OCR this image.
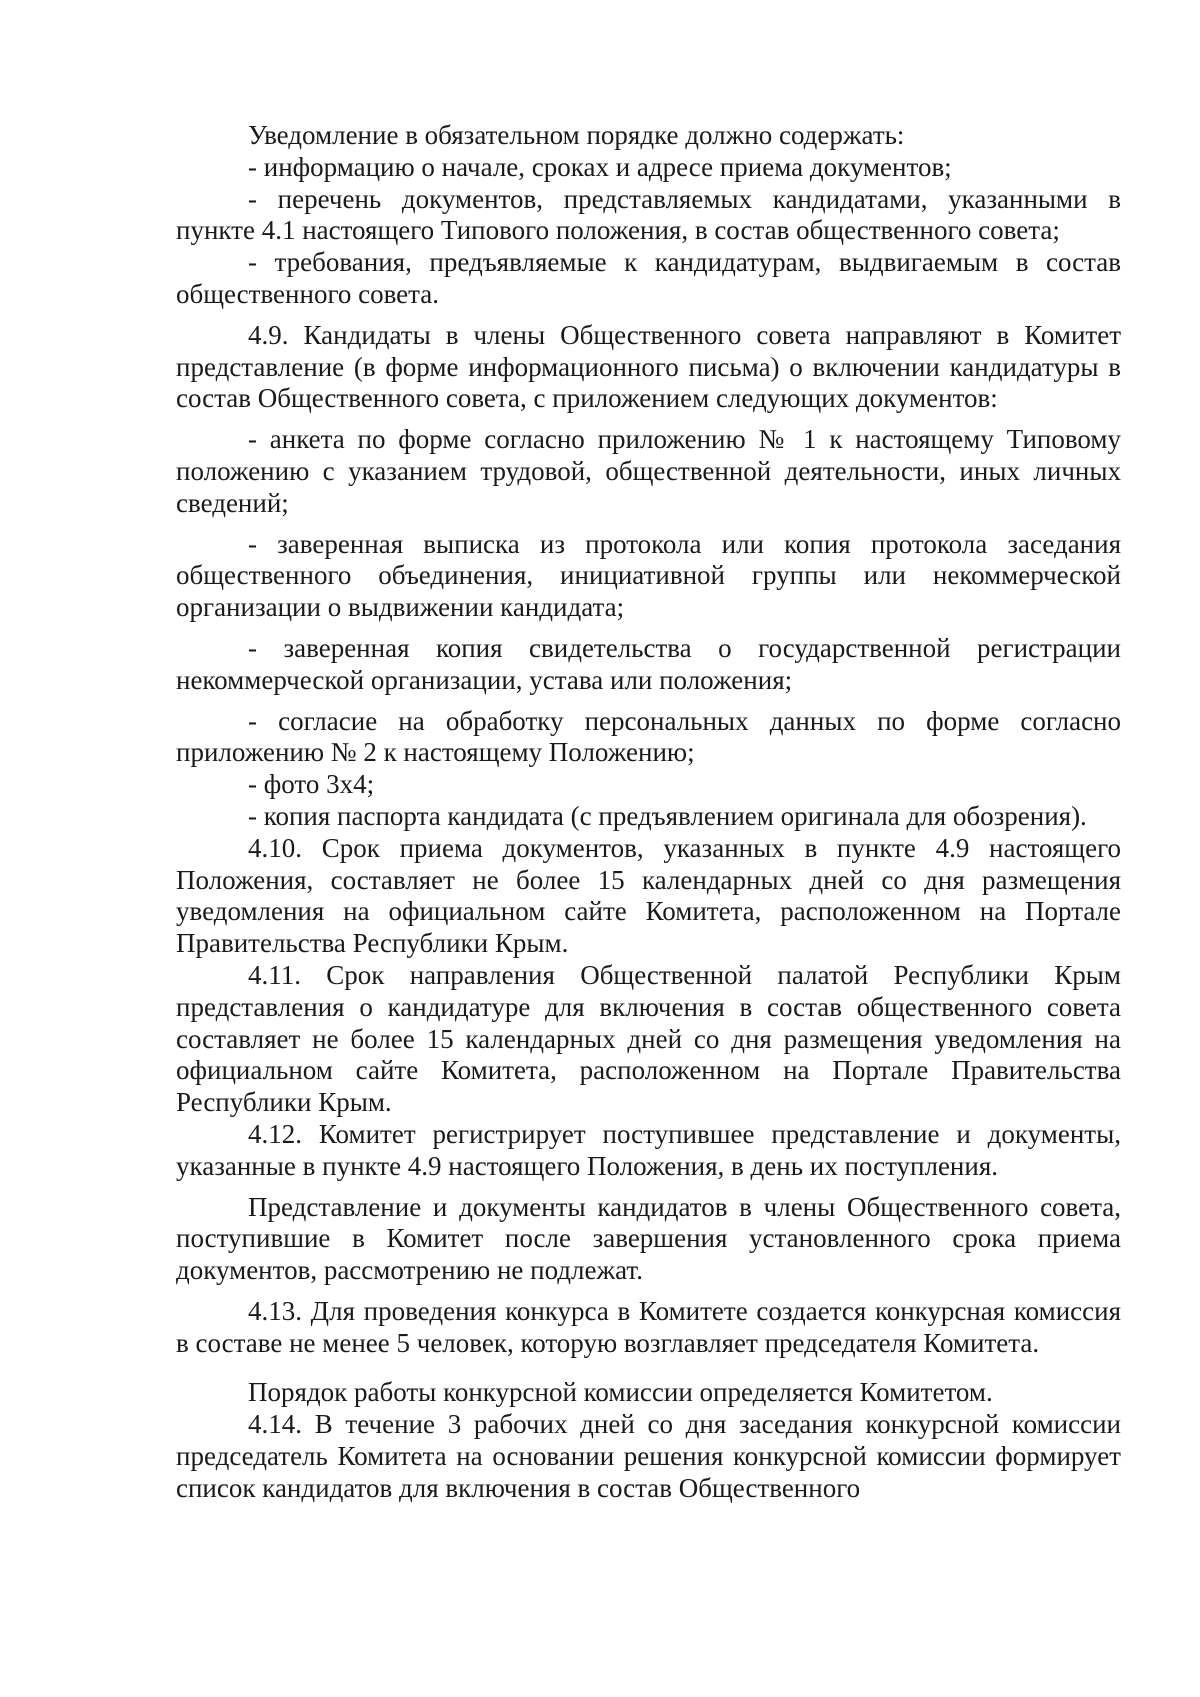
Уведомление в обязательном порядке должно содержать:

- информацию о начале, сроках и адресе приема документов;

- перечень документов, представляемых кандидатами, указанными в пункте 4.1 настоящего Типового положения, в состав общественного совета;

- требования, предъявляемые к кандидатурам, выдвигаемым в состав общественного совета.

4.9. Кандидаты в члены Общественного совета направляют в Комитет представление (в форме информационного письма) о включении кандидатуры в состав Общественного совета, с приложением следующих документов:

- анкета по форме согласно приложению № 1 к настоящему Типовому положению с указанием трудовой, общественной деятельности, иных личных сведений;

- заверенная выписка из протокола или копия протокола заседания общественного объединения, инициативной группы или некоммерческой организации о выдвижении кандидата;

- заверенная копия свидетельства о государственной регистрации некоммерческой организации, устава или положения;

- согласие на обработку персональных данных по форме согласно приложению № 2 к настоящему Положению;

- фото 3х4;

- копия паспорта кандидата (с предъявлением оригинала для обозрения).

4.10. Срок приема документов, указанных в пункте 4.9 настоящего Положения, составляет не более 15 календарных дней со дня размещения уведомления на официальном сайте Комитета, расположенном на Портале Правительства Республики Крым.

4.11. Срок направления Общественной палатой Республики Крым представления о кандидатуре для включения в состав общественного совета составляет не более 15 календарных дней со дня размещения уведомления на официальном сайте Комитета, расположенном на Портале Правительства Республики Крым.

4.12. Комитет регистрирует поступившее представление и документы, указанные в пункте 4.9 настоящего Положения, в день их поступления.

Представление и документы кандидатов в члены Общественного совета, поступившие в Комитет после завершения установленного срока приема документов, рассмотрению не подлежат.

4.13. Для проведения конкурса в Комитете создается конкурсная комиссия в составе не менее 5 человек, которую возглавляет председателя Комитета.

Порядок работы конкурсной комиссии определяется Комитетом.

4.14. В течение 3 рабочих дней со дня заседания конкурсной комиссии председатель Комитета на основании решения конкурсной комиссии формирует список кандидатов для включения в состав Общественного
